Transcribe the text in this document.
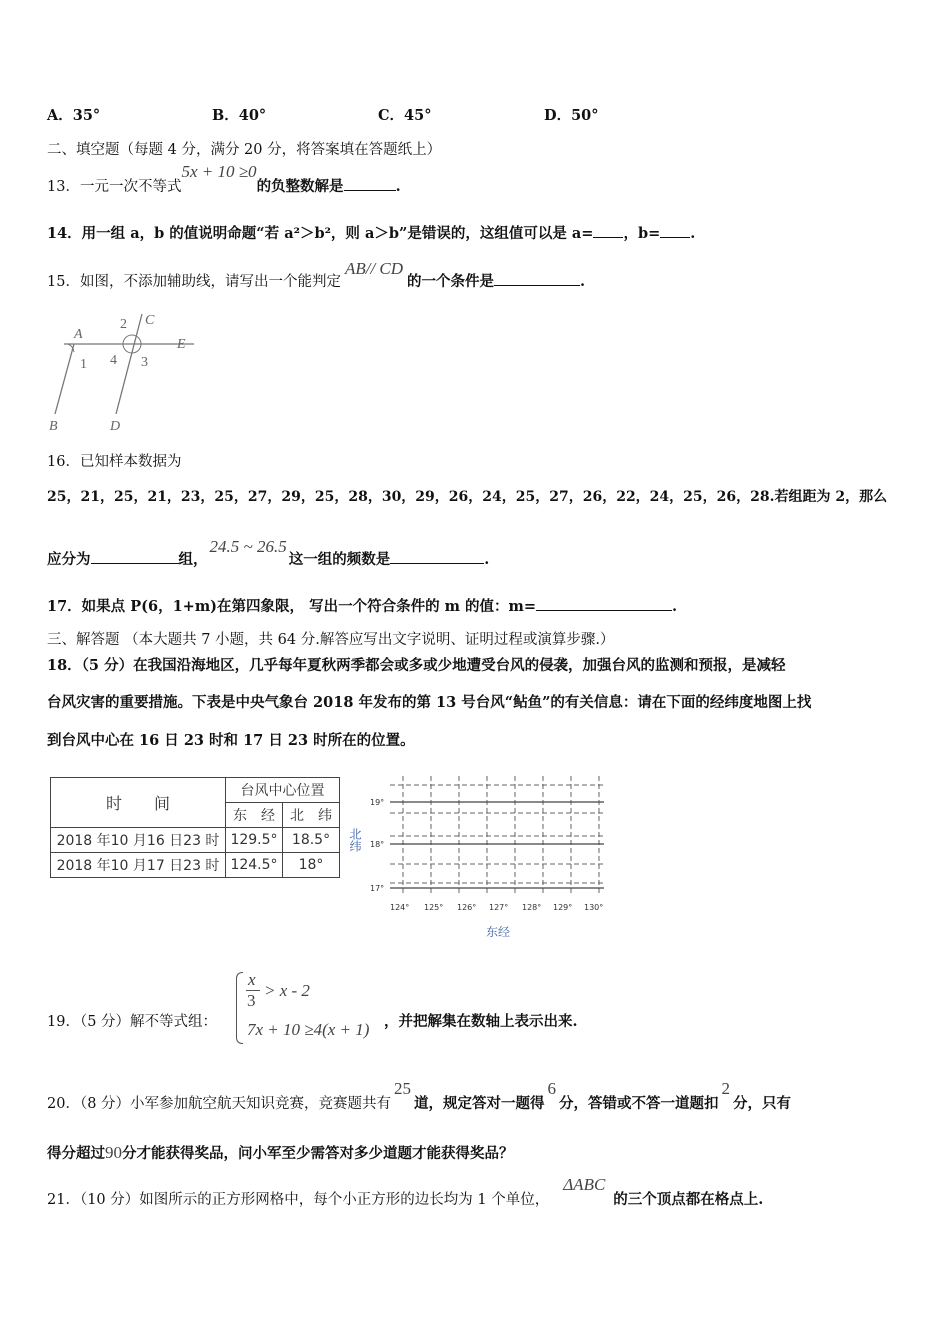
A．35°	B．40°	C．45°	D．50°
二、填空题（每题 4 分，满分 20 分，将答案填在答题纸上）
13．一元一次不等式5x + 10 ≥0的负整数解是	.
14．用一组 a，b 的值说明命题“若 a²＞b²，则 a＞b”是错误的，这组值可以是 a= ，b= .
15．如图，不添加辅助线，请写出一个能判定AB// CD的一个条件是	.
A
2 C
E
1 4 3
B	D
16．已知样本数据为
25，21，25，21，23，25，27，29，25，28，30，29，26，24，25，27，26，22，24，25，26，28.若组距为 2，那么
应分为	组，24.5 ~ 26.5这一组的频数是	.
17．如果点 P(6，1+m)在第四象限， 写出一个符合条件的 m 的值：m=	.
三、解答题 （本大题共 7 小题，共 64 分.解答应写出文字说明、证明过程或演算步骤.）
18．（5 分）在我国沿海地区，几乎每年夏秋两季都会或多或少地遭受台风的侵袭，加强台风的监测和预报，是减轻
台风灾害的重要措施。下表是中央气象台 2018 年发布的第 13 号台风“鲇鱼”的有关信息：请在下面的经纬度地图上找
到台风中心在 16 日 23 时和 17 日 23 时所在的位置。
时　　间	台风中心位置	
	东　经	北　纬
2018 年10 月16 日23 时	129.5°	18.5°
2018 年10 月17 日23 时	124.5°	18°
19°
18°
17°
124° 125° 126° 127° 128° 129° 130°
北纬
东经
19．（5 分）解不等式组：
x
3
> x - 2
7x + 10 ≥4(x + 1) ，并把解集在数轴上表示出来.
20．（8 分）小军参加航空航天知识竞赛，竞赛题共有25道，规定答对一题得6分，答错或不答一道题扣2分，只有
得分超过90分才能获得奖品，问小军至少需答对多少道题才能获得奖品？
21．（10 分）如图所示的正方形网格中，每个小正方形的边长均为 1 个单位，ΔABC的三个顶点都在格点上.
